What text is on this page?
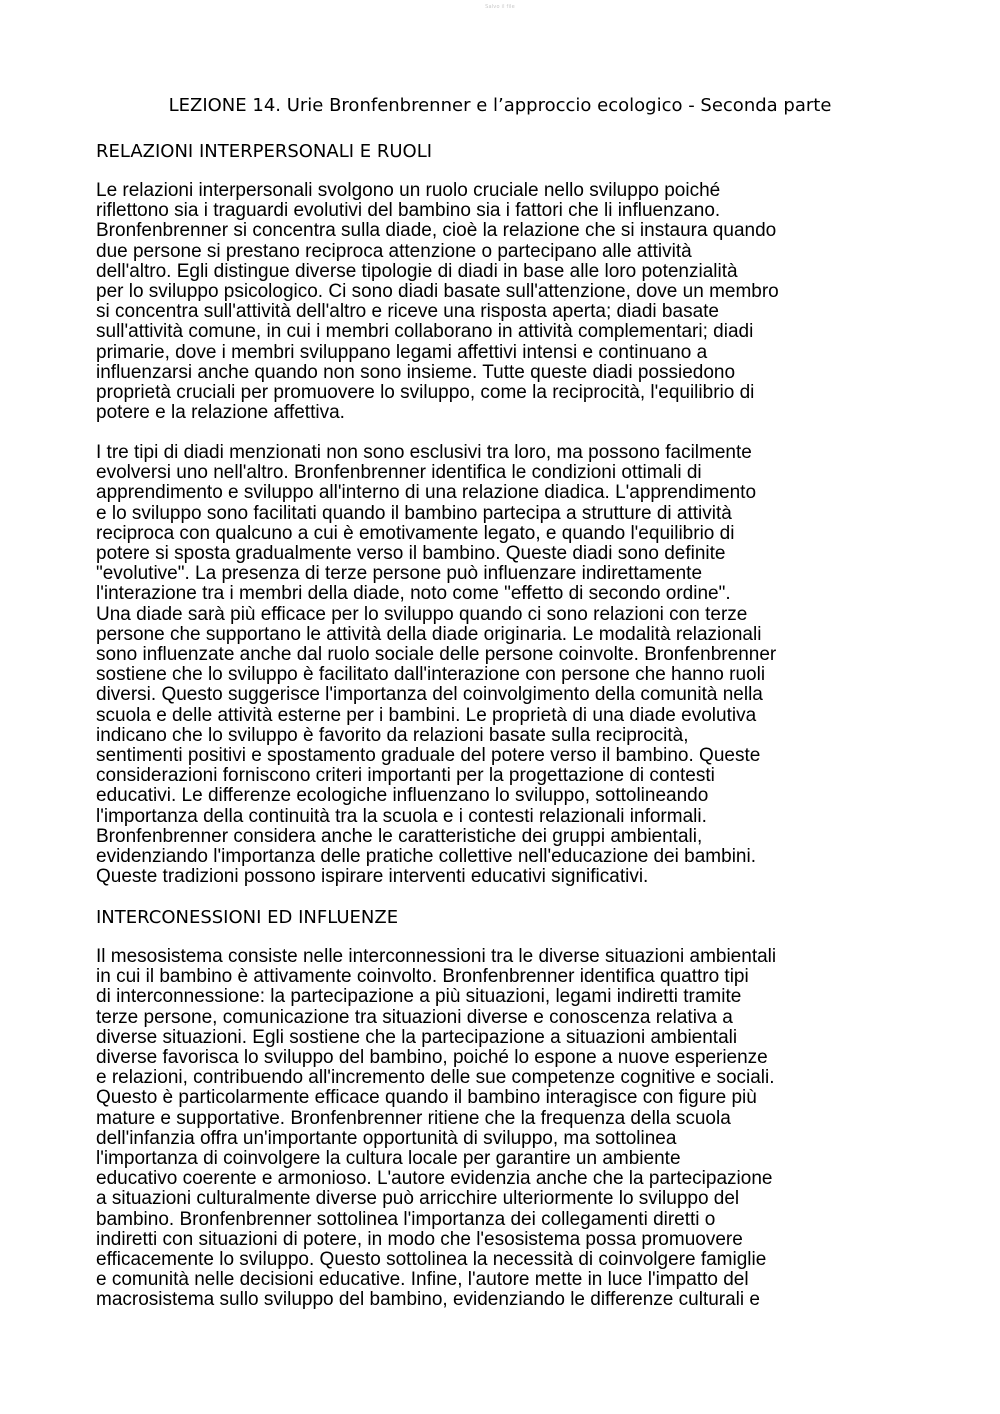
Salvo il file
LEZIONE 14. Urie Bronfenbrenner e l’approccio ecologico - Seconda parte
RELAZIONI INTERPERSONALI E RUOLI
Le relazioni interpersonali svolgono un ruolo cruciale nello sviluppo poiché
riflettono sia i traguardi evolutivi del bambino sia i fattori che li influenzano.
Bronfenbrenner si concentra sulla diade, cioè la relazione che si instaura quando
due persone si prestano reciproca attenzione o partecipano alle attività
dell'altro. Egli distingue diverse tipologie di diadi in base alle loro potenzialità
per lo sviluppo psicologico. Ci sono diadi basate sull'attenzione, dove un membro
si concentra sull'attività dell'altro e riceve una risposta aperta; diadi basate
sull'attività comune, in cui i membri collaborano in attività complementari; diadi
primarie, dove i membri sviluppano legami affettivi intensi e continuano a
influenzarsi anche quando non sono insieme. Tutte queste diadi possiedono
proprietà cruciali per promuovere lo sviluppo, come la reciprocità, l'equilibrio di
potere e la relazione affettiva.
I tre tipi di diadi menzionati non sono esclusivi tra loro, ma possono facilmente
evolversi uno nell'altro. Bronfenbrenner identifica le condizioni ottimali di
apprendimento e sviluppo all'interno di una relazione diadica. L'apprendimento
e lo sviluppo sono facilitati quando il bambino partecipa a strutture di attività
reciproca con qualcuno a cui è emotivamente legato, e quando l'equilibrio di
potere si sposta gradualmente verso il bambino. Queste diadi sono definite
"evolutive". La presenza di terze persone può influenzare indirettamente
l'interazione tra i membri della diade, noto come "effetto di secondo ordine".
Una diade sarà più efficace per lo sviluppo quando ci sono relazioni con terze
persone che supportano le attività della diade originaria. Le modalità relazionali
sono influenzate anche dal ruolo sociale delle persone coinvolte. Bronfenbrenner
sostiene che lo sviluppo è facilitato dall'interazione con persone che hanno ruoli
diversi. Questo suggerisce l'importanza del coinvolgimento della comunità nella
scuola e delle attività esterne per i bambini. Le proprietà di una diade evolutiva
indicano che lo sviluppo è favorito da relazioni basate sulla reciprocità,
sentimenti positivi e spostamento graduale del potere verso il bambino. Queste
considerazioni forniscono criteri importanti per la progettazione di contesti
educativi. Le differenze ecologiche influenzano lo sviluppo, sottolineando
l'importanza della continuità tra la scuola e i contesti relazionali informali.
Bronfenbrenner considera anche le caratteristiche dei gruppi ambientali,
evidenziando l'importanza delle pratiche collettive nell'educazione dei bambini.
Queste tradizioni possono ispirare interventi educativi significativi.
INTERCONESSIONI ED INFLUENZE
Il mesosistema consiste nelle interconnessioni tra le diverse situazioni ambientali
in cui il bambino è attivamente coinvolto. Bronfenbrenner identifica quattro tipi
di interconnessione: la partecipazione a più situazioni, legami indiretti tramite
terze persone, comunicazione tra situazioni diverse e conoscenza relativa a
diverse situazioni. Egli sostiene che la partecipazione a situazioni ambientali
diverse favorisca lo sviluppo del bambino, poiché lo espone a nuove esperienze
e relazioni, contribuendo all'incremento delle sue competenze cognitive e sociali.
Questo è particolarmente efficace quando il bambino interagisce con figure più
mature e supportative. Bronfenbrenner ritiene che la frequenza della scuola
dell'infanzia offra un'importante opportunità di sviluppo, ma sottolinea
l'importanza di coinvolgere la cultura locale per garantire un ambiente
educativo coerente e armonioso. L'autore evidenzia anche che la partecipazione
a situazioni culturalmente diverse può arricchire ulteriormente lo sviluppo del
bambino. Bronfenbrenner sottolinea l'importanza dei collegamenti diretti o
indiretti con situazioni di potere, in modo che l'esosistema possa promuovere
efficacemente lo sviluppo. Questo sottolinea la necessità di coinvolgere famiglie
e comunità nelle decisioni educative. Infine, l'autore mette in luce l'impatto del
macrosistema sullo sviluppo del bambino, evidenziando le differenze culturali e
